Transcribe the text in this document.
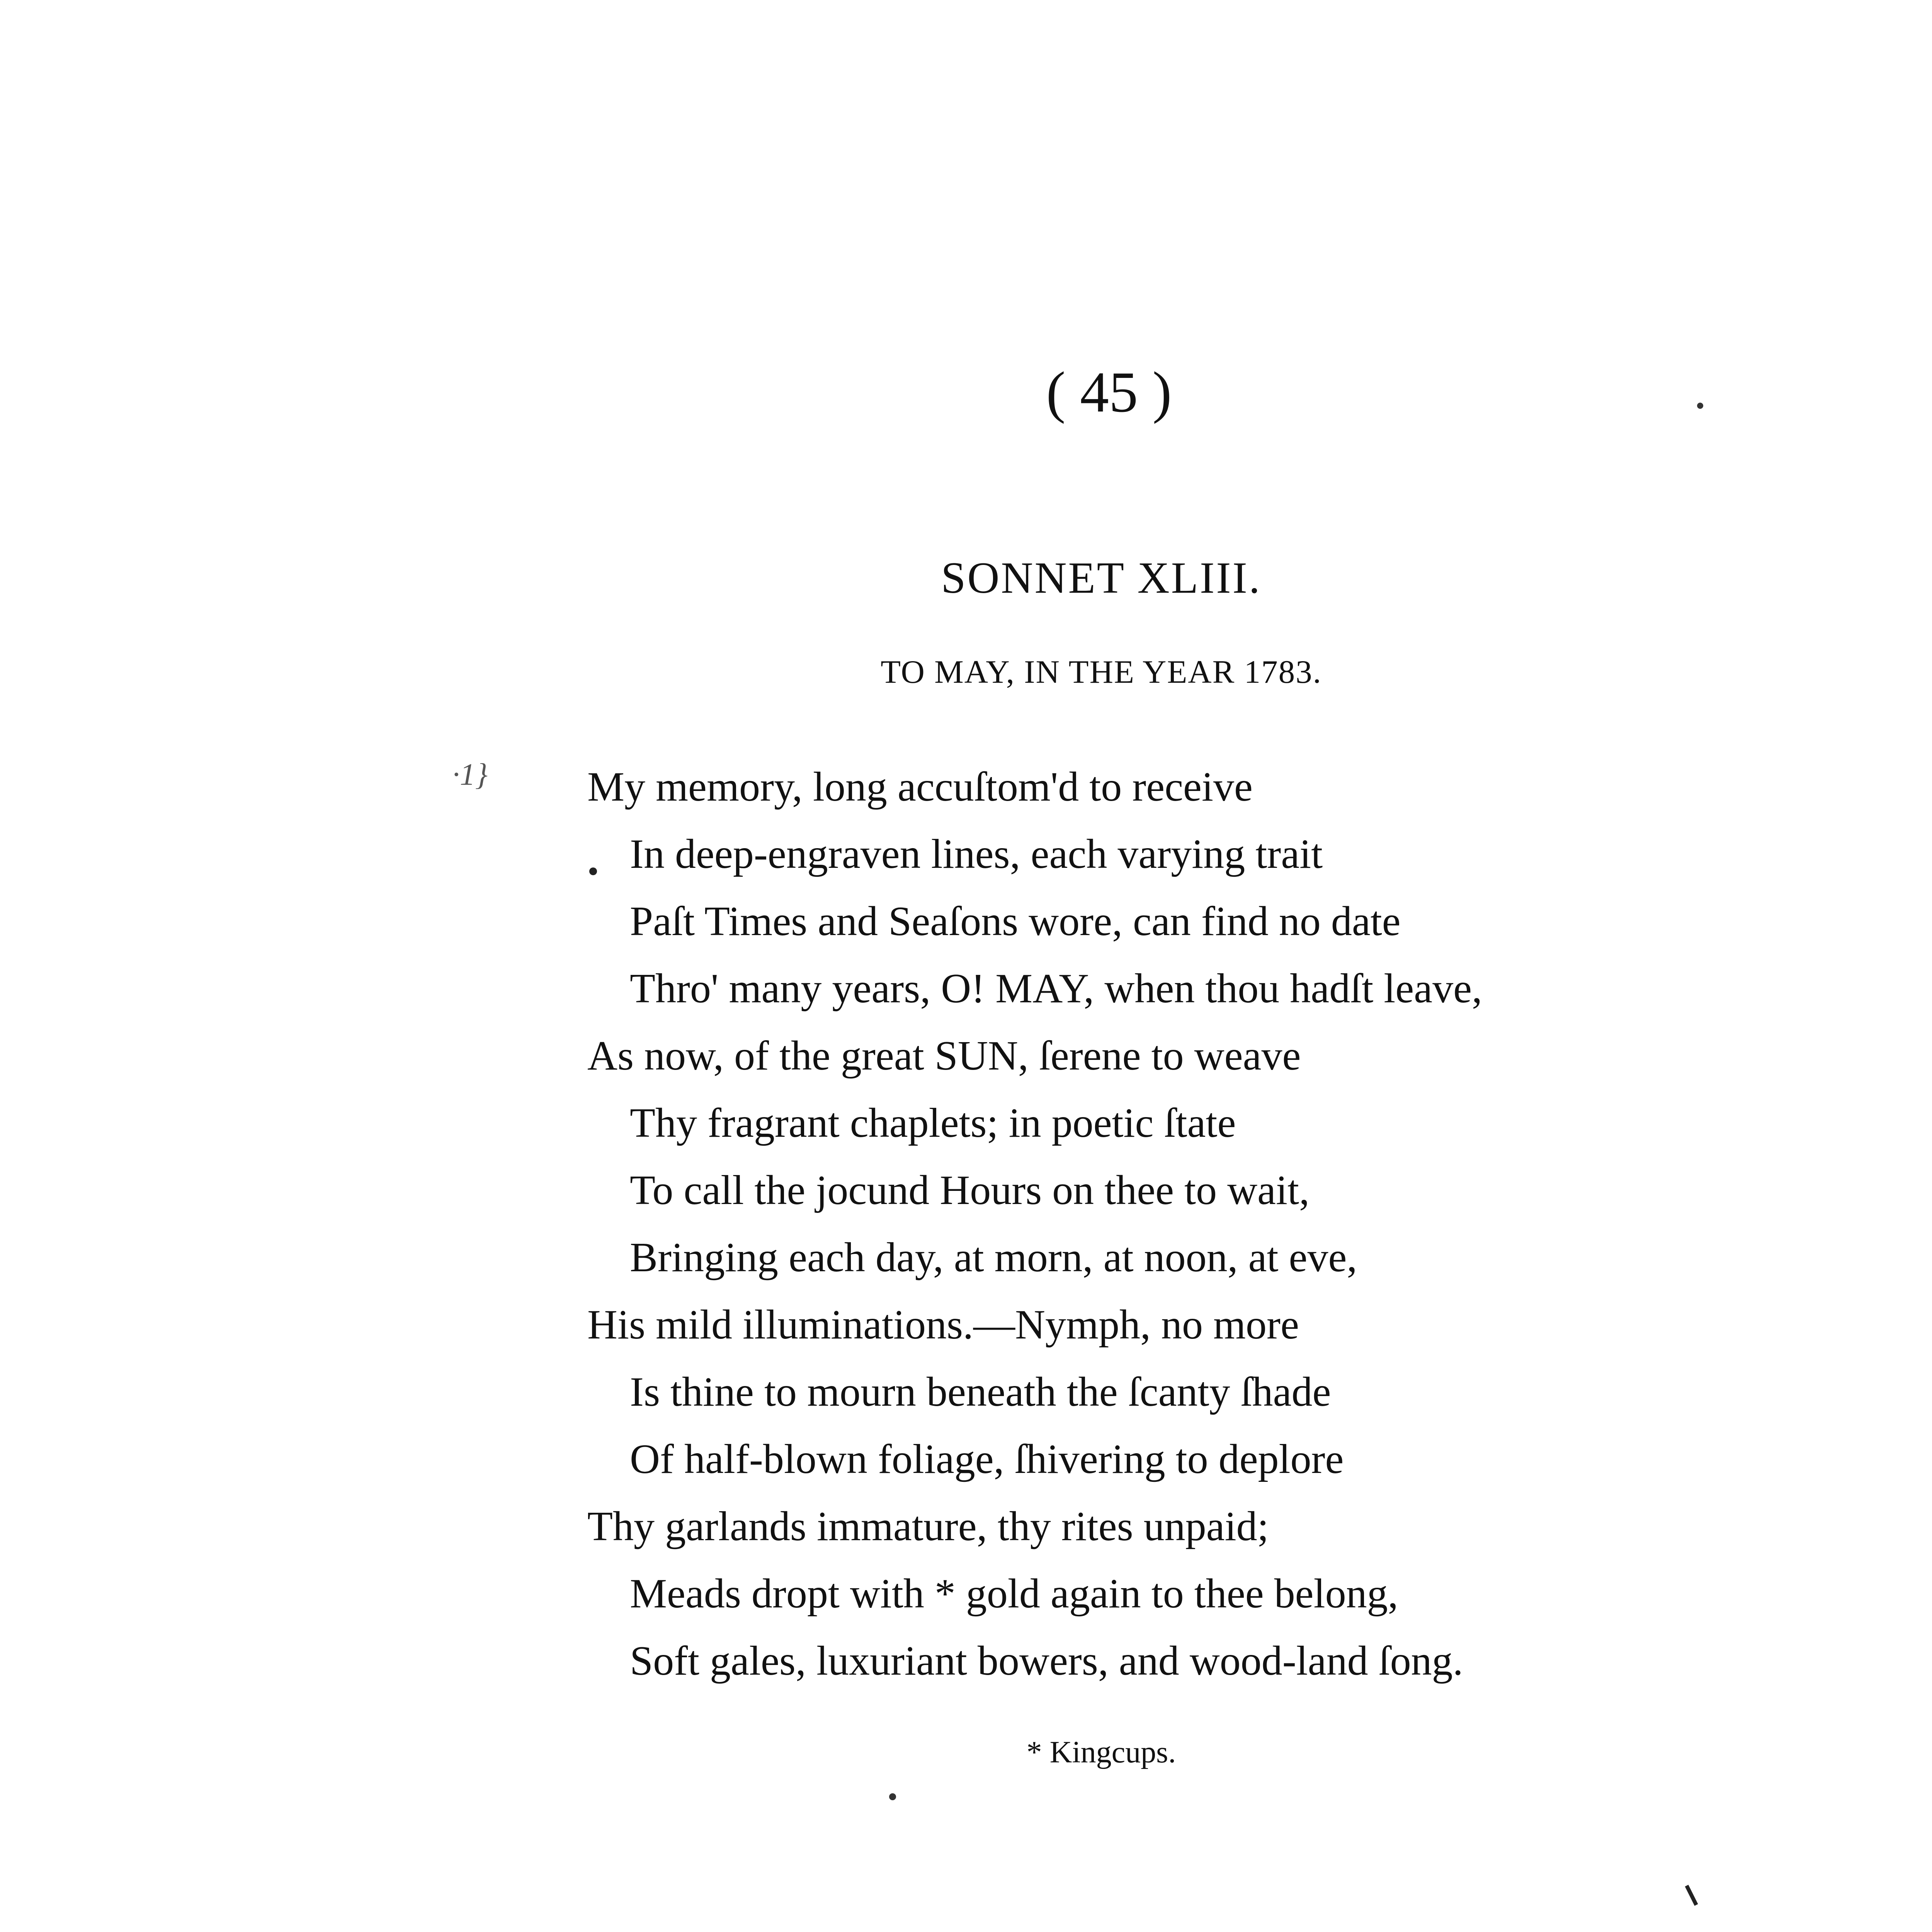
( 45 )
SONNET XLIII.
TO MAY, IN THE YEAR 1783.
·1} My memory, long accuſtom'd to receive
In deep-engraven lines, each varying trait
Paſt Times and Seaſons wore, can find no date
Thro' many years, O! MAY, when thou hadſt leave,
As now, of the great SUN, ſerene to weave
Thy fragrant chaplets; in poetic ſtate
To call the jocund Hours on thee to wait,
Bringing each day, at morn, at noon, at eve,
His mild illuminations.—Nymph, no more
Is thine to mourn beneath the ſcanty ſhade
Of half-blown foliage, ſhivering to deplore
Thy garlands immature, thy rites unpaid;
Meads dropt with * gold again to thee belong,
Soft gales, luxuriant bowers, and wood-land ſong.
* Kingcups.
